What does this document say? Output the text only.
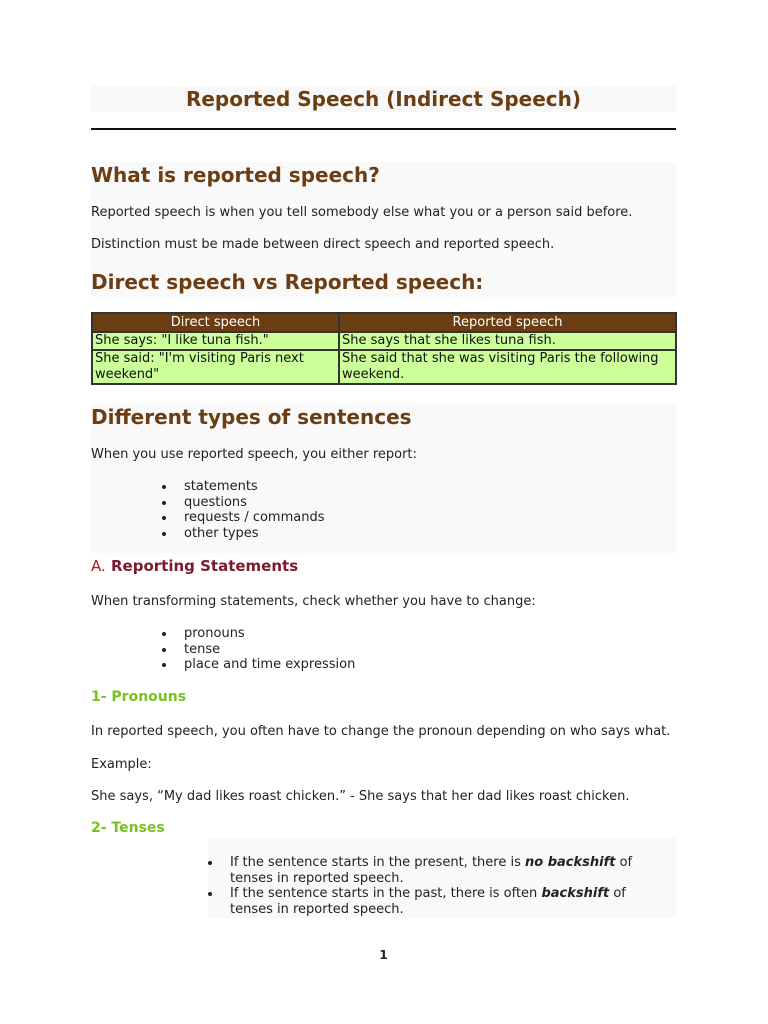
Reported Speech (Indirect Speech)
What is reported speech?
Reported speech is when you tell somebody else what you or a person said before.
Distinction must be made between direct speech and reported speech.
Direct speech vs Reported speech:
Direct speech	Reported speech
She says: "I like tuna fish."	She says that she likes tuna fish.
She said: "I'm visiting Paris next weekend"	She said that she was visiting Paris the following weekend.
Different types of sentences
When you use reported speech, you either report:
statements
questions
requests / commands
other types
A. Reporting Statements
When transforming statements, check whether you have to change:
pronouns
tense
place and time expression
1- Pronouns
In reported speech, you often have to change the pronoun depending on who says what.
Example:
She says, “My dad likes roast chicken.” - She says that her dad likes roast chicken.
2- Tenses
If the sentence starts in the present, there is no backshift of tenses in reported speech.
If the sentence starts in the past, there is often backshift of tenses in reported speech.
1
